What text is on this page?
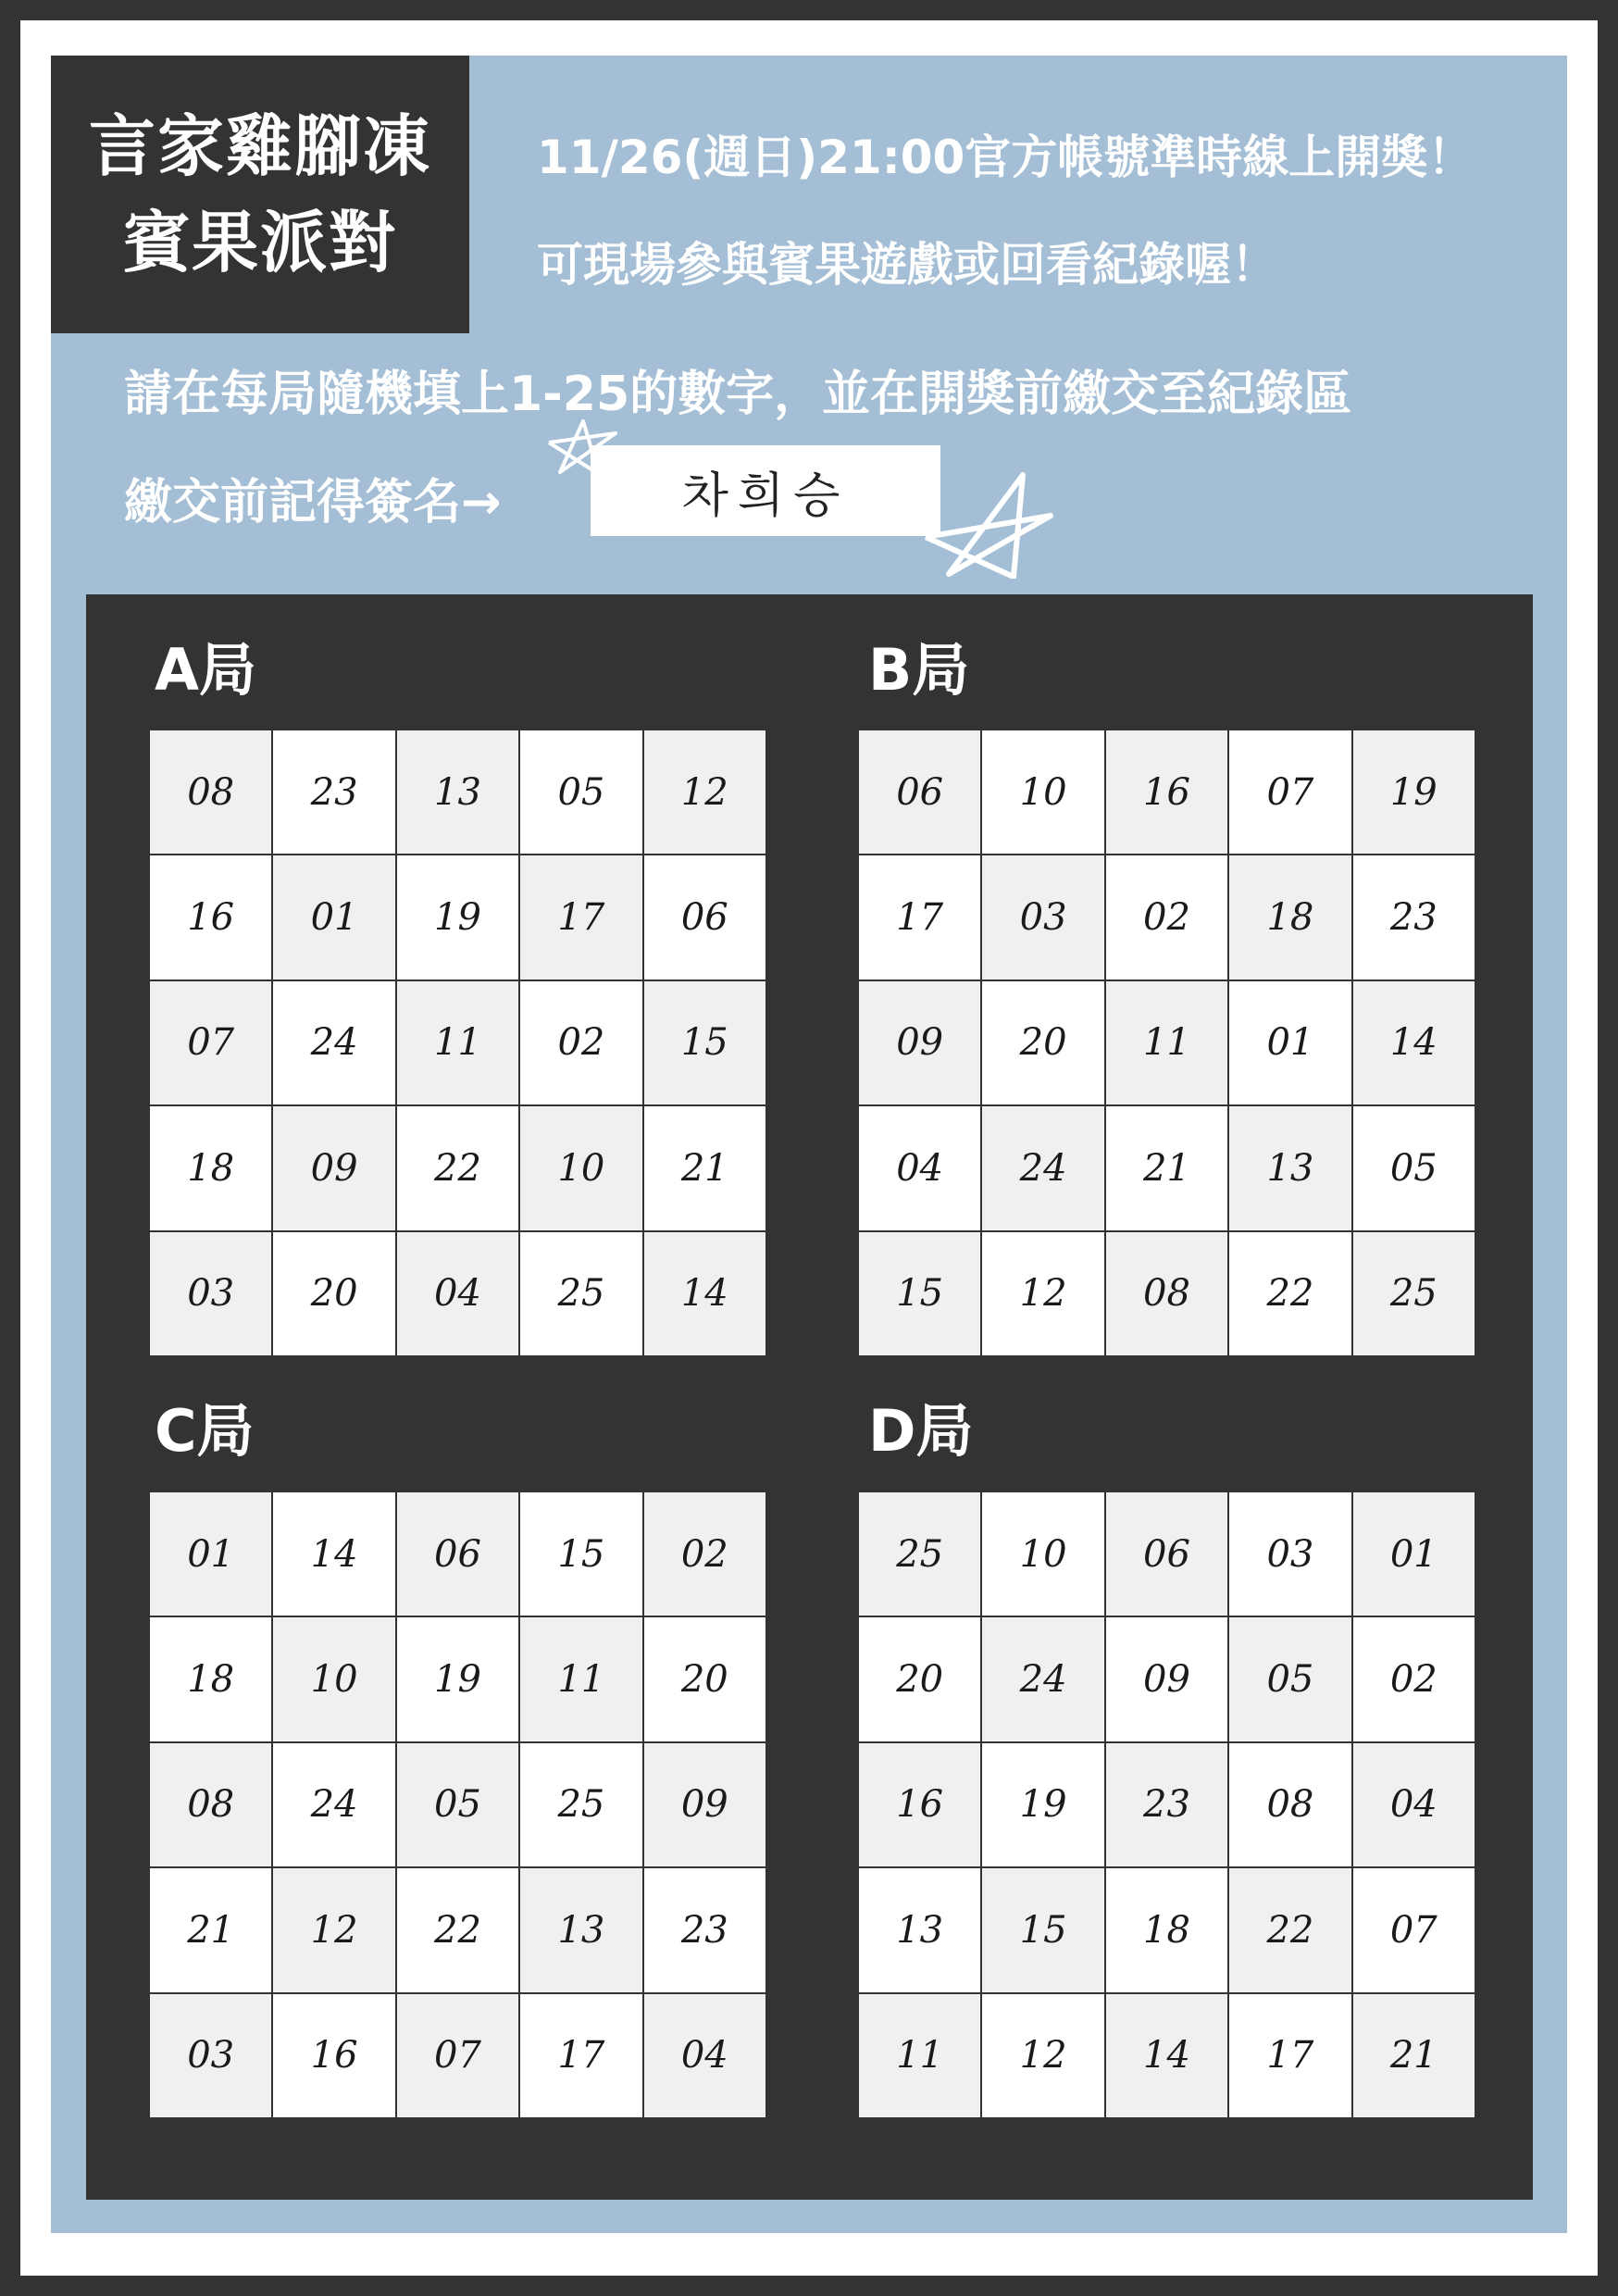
言家雞腳凍
賓果派對
11/26(週日)21:00官方帳號準時線上開獎！
可現場參與賓果遊戲或回看紀錄喔！
請在每局隨機填上1-25的數字，並在開獎前繳交至紀錄區
繳交前記得簽名→	차희승
A局	B局
C局	D局
08	23	13	05	12
16	01	19	17	06
07	24	11	02	15
18	09	22	10	21
03	20	04	25	14
06	10	16	07	19
17	03	02	18	23
09	20	11	01	14
04	24	21	13	05
15	12	08	22	25
01	14	06	15	02
18	10	19	11	20
08	24	05	25	09
21	12	22	13	23
03	16	07	17	04
25	10	06	03	01
20	24	09	05	02
16	19	23	08	04
13	15	18	22	07
11	12	14	17	21
